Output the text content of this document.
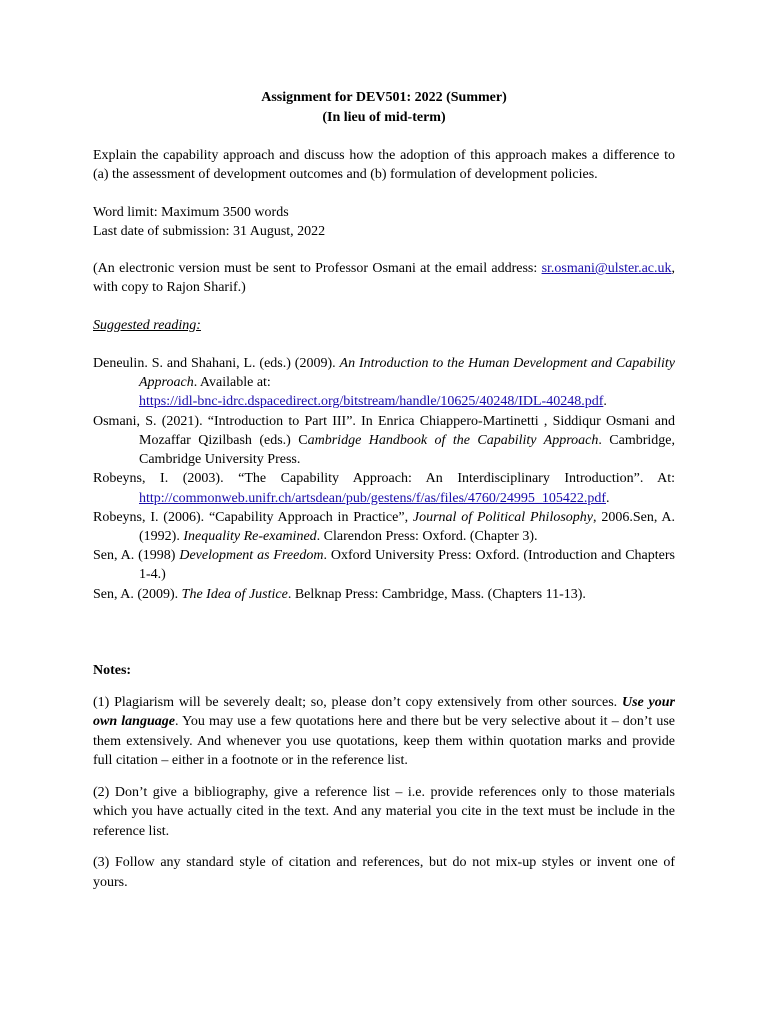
Assignment for DEV501: 2022 (Summer)

(In lieu of mid-term)

Explain the capability approach and discuss how the adoption of this approach makes a difference to (a) the assessment of development outcomes and (b) formulation of development policies.

Word limit: Maximum 3500 words

Last date of submission: 31 August, 2022

(An electronic version must be sent to Professor Osmani at the email address: sr.osmani@ulster.ac.uk, with copy to Rajon Sharif.)

Suggested reading:

Deneulin. S. and Shahani, L. (eds.) (2009). An Introduction to the Human Development and Capability Approach. Available at:
https://idl-bnc-idrc.dspacedirect.org/bitstream/handle/10625/40248/IDL-40248.pdf.

Osmani, S. (2021). “Introduction to Part III”. In Enrica Chiappero-Martinetti , Siddiqur Osmani and Mozaffar Qizilbash (eds.) Cambridge Handbook of the Capability Approach. Cambridge, Cambridge University Press.

Robeyns, I. (2003). “The Capability Approach: An Interdisciplinary Introduction”. At: http://commonweb.unifr.ch/artsdean/pub/gestens/f/as/files/4760/24995_105422.pdf.

Robeyns, I. (2006). “Capability Approach in Practice”, Journal of Political Philosophy, 2006.Sen, A. (1992). Inequality Re-examined. Clarendon Press: Oxford. (Chapter 3).

Sen, A. (1998) Development as Freedom. Oxford University Press: Oxford. (Introduction and Chapters 1-4.)

Sen, A. (2009). The Idea of Justice. Belknap Press: Cambridge, Mass. (Chapters 11-13).

Notes:

(1) Plagiarism will be severely dealt; so, please don’t copy extensively from other sources. Use your own language. You may use a few quotations here and there but be very selective about it – don’t use them extensively. And whenever you use quotations, keep them within quotation marks and provide full citation – either in a footnote or in the reference list.

(2) Don’t give a bibliography, give a reference list – i.e. provide references only to those materials which you have actually cited in the text. And any material you cite in the text must be include in the reference list.

(3) Follow any standard style of citation and references, but do not mix-up styles or invent one of yours.
